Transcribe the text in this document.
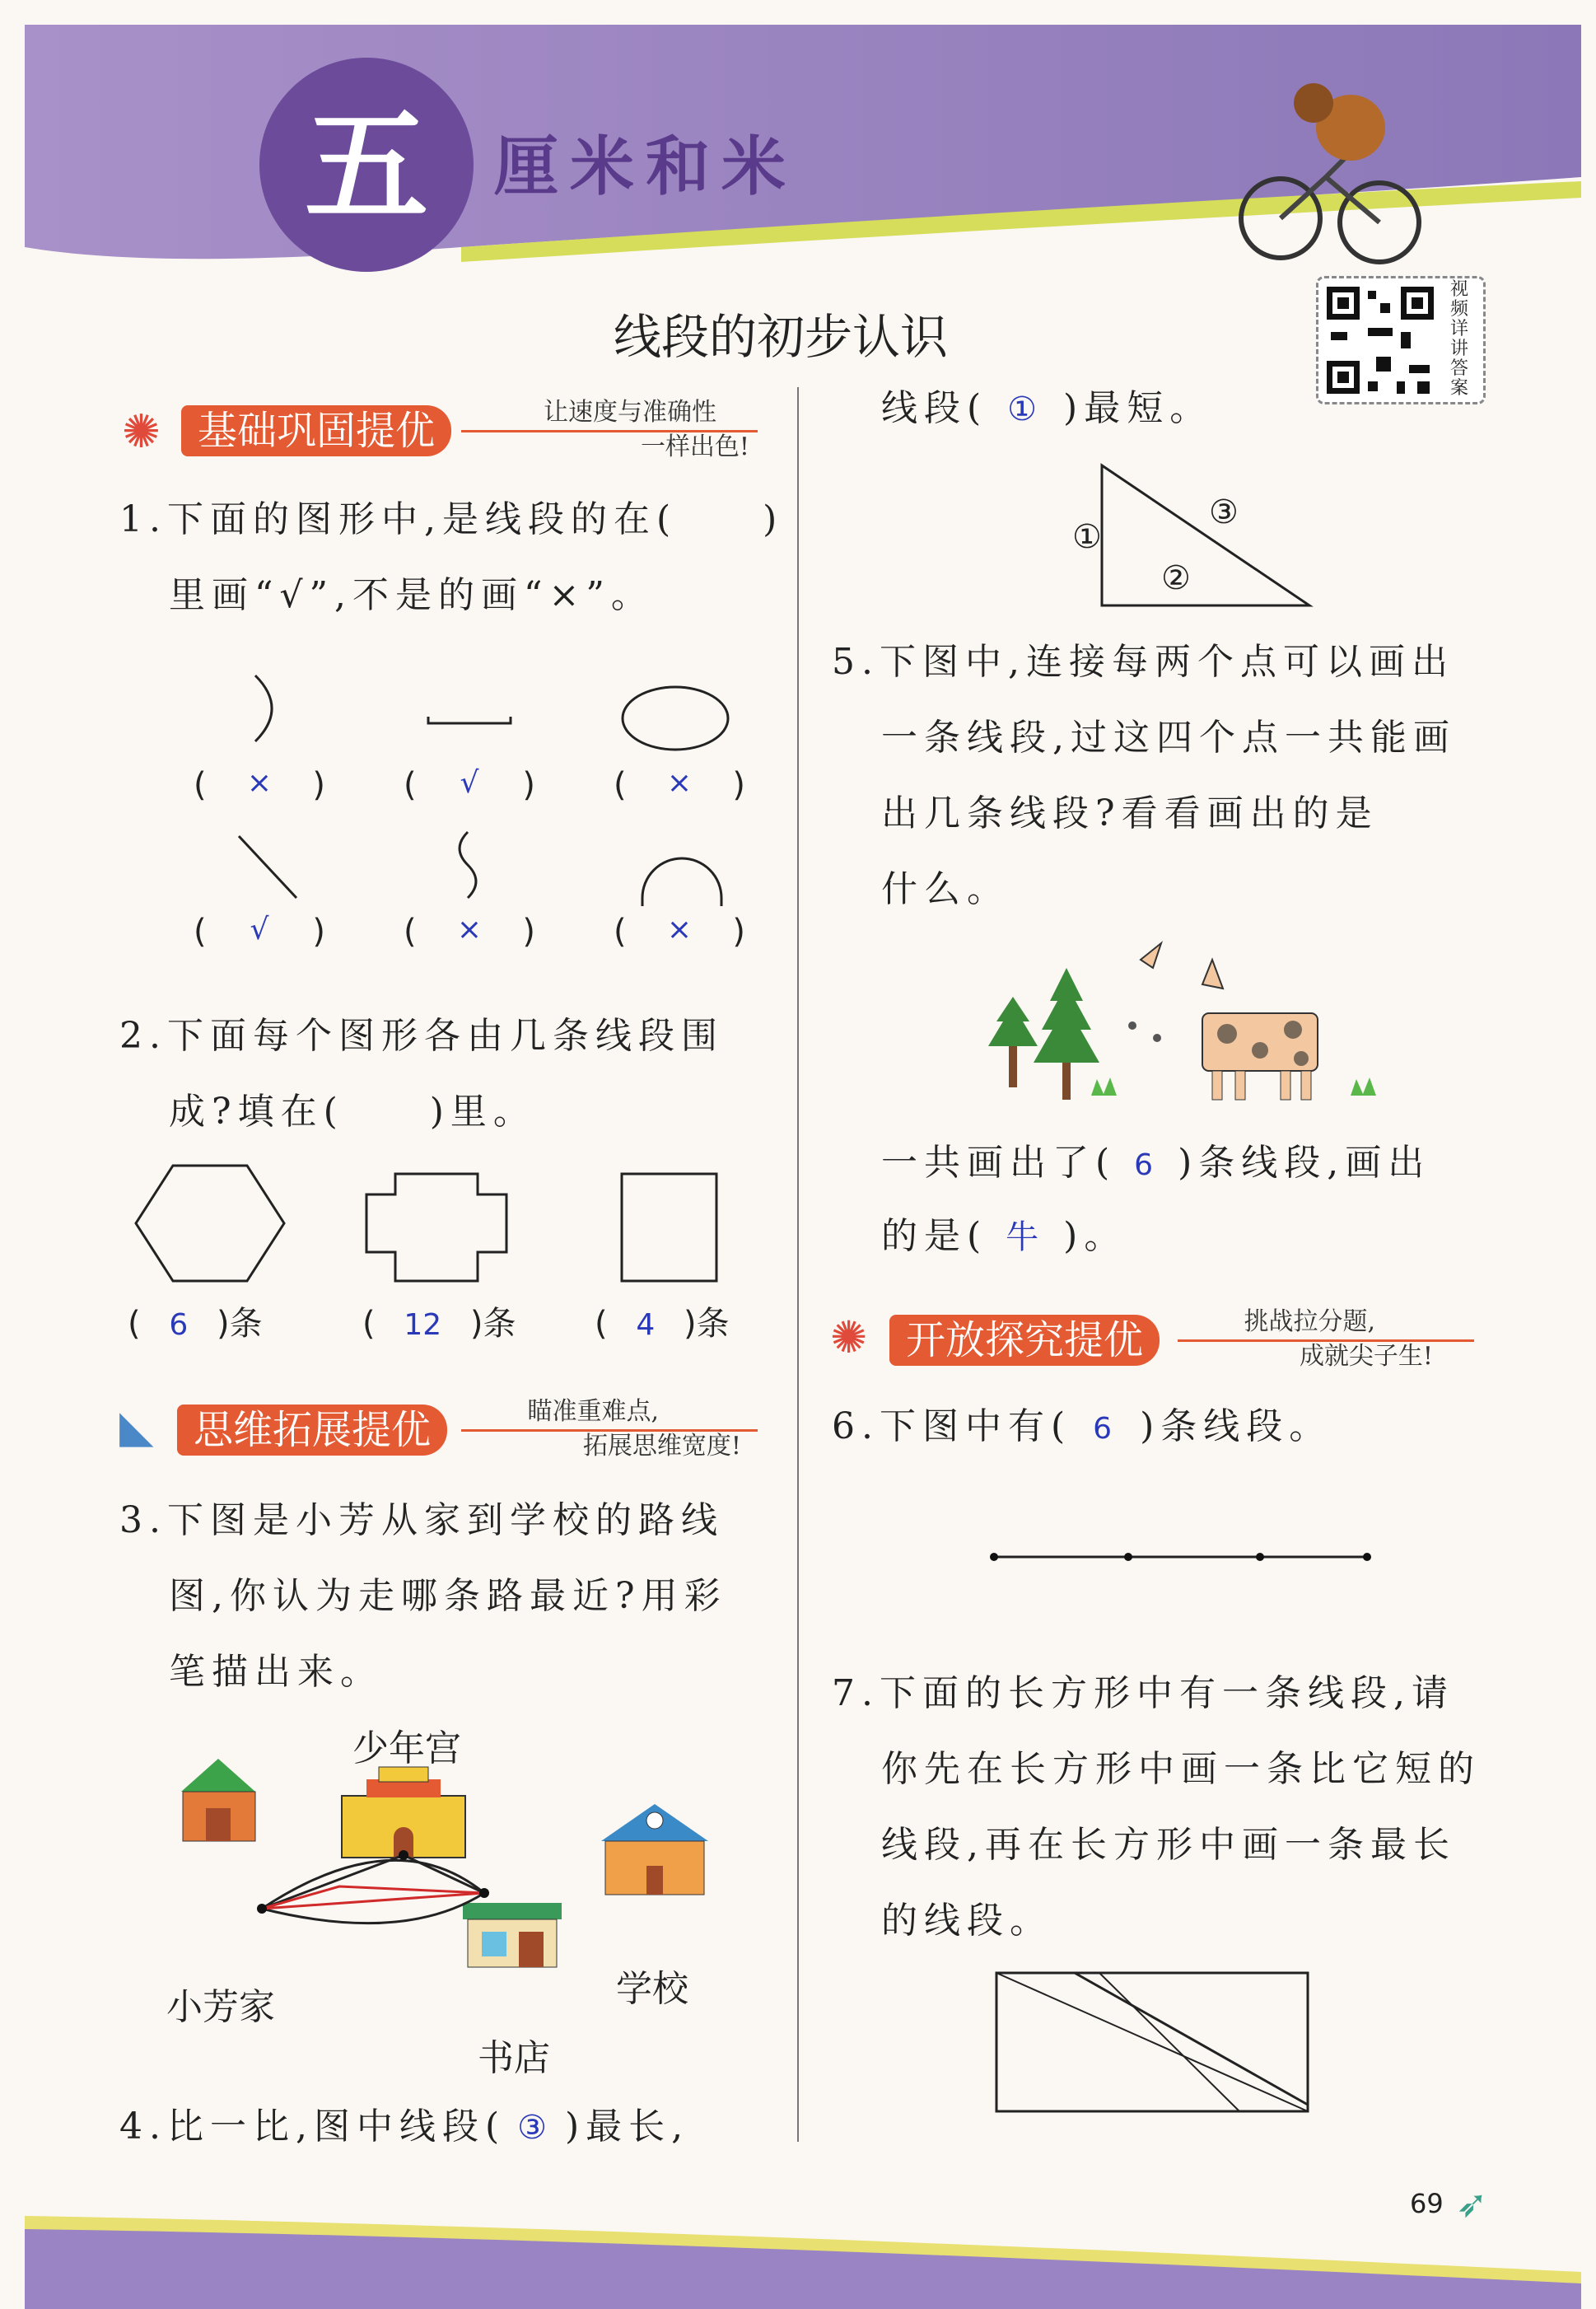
五 厘米和米
视频详讲答案
线段的初步认识
✺ 基础巩固提优	让速度与准确性
一样出色!
1.下面的图形中,是线段的在(　　)
里画“√”,不是的画“×”。
( × ) ( √ ) ( × )
( √ ) ( × ) ( × )
2.下面每个图形各由几条线段围
成?填在(　　)里。
( 6 )条	( 12 )条 ( 4 )条
◣	思维拓展提优	瞄准重难点,
拓展思维宽度!
3.下图是小芳从家到学校的路线
图,你认为走哪条路最近?用彩
笔描出来。
少年宫
小芳家	学校
书店
4.比一比,图中线段( ③ )最长,
线段( ① )最短。
①
②
③
5.下图中,连接每两个点可以画出
一条线段,过这四个点一共能画
出几条线段?看看画出的是
什么。
一共画出了( 6 )条线段,画出
的是( 牛 )。
✺ 开放探究提优	挑战拉分题,
成就尖子生!
6.下图中有( 6 )条线段。
7.下面的长方形中有一条线段,请
你先在长方形中画一条比它短的
线段,再在长方形中画一条最长
的线段。
69 ➶
